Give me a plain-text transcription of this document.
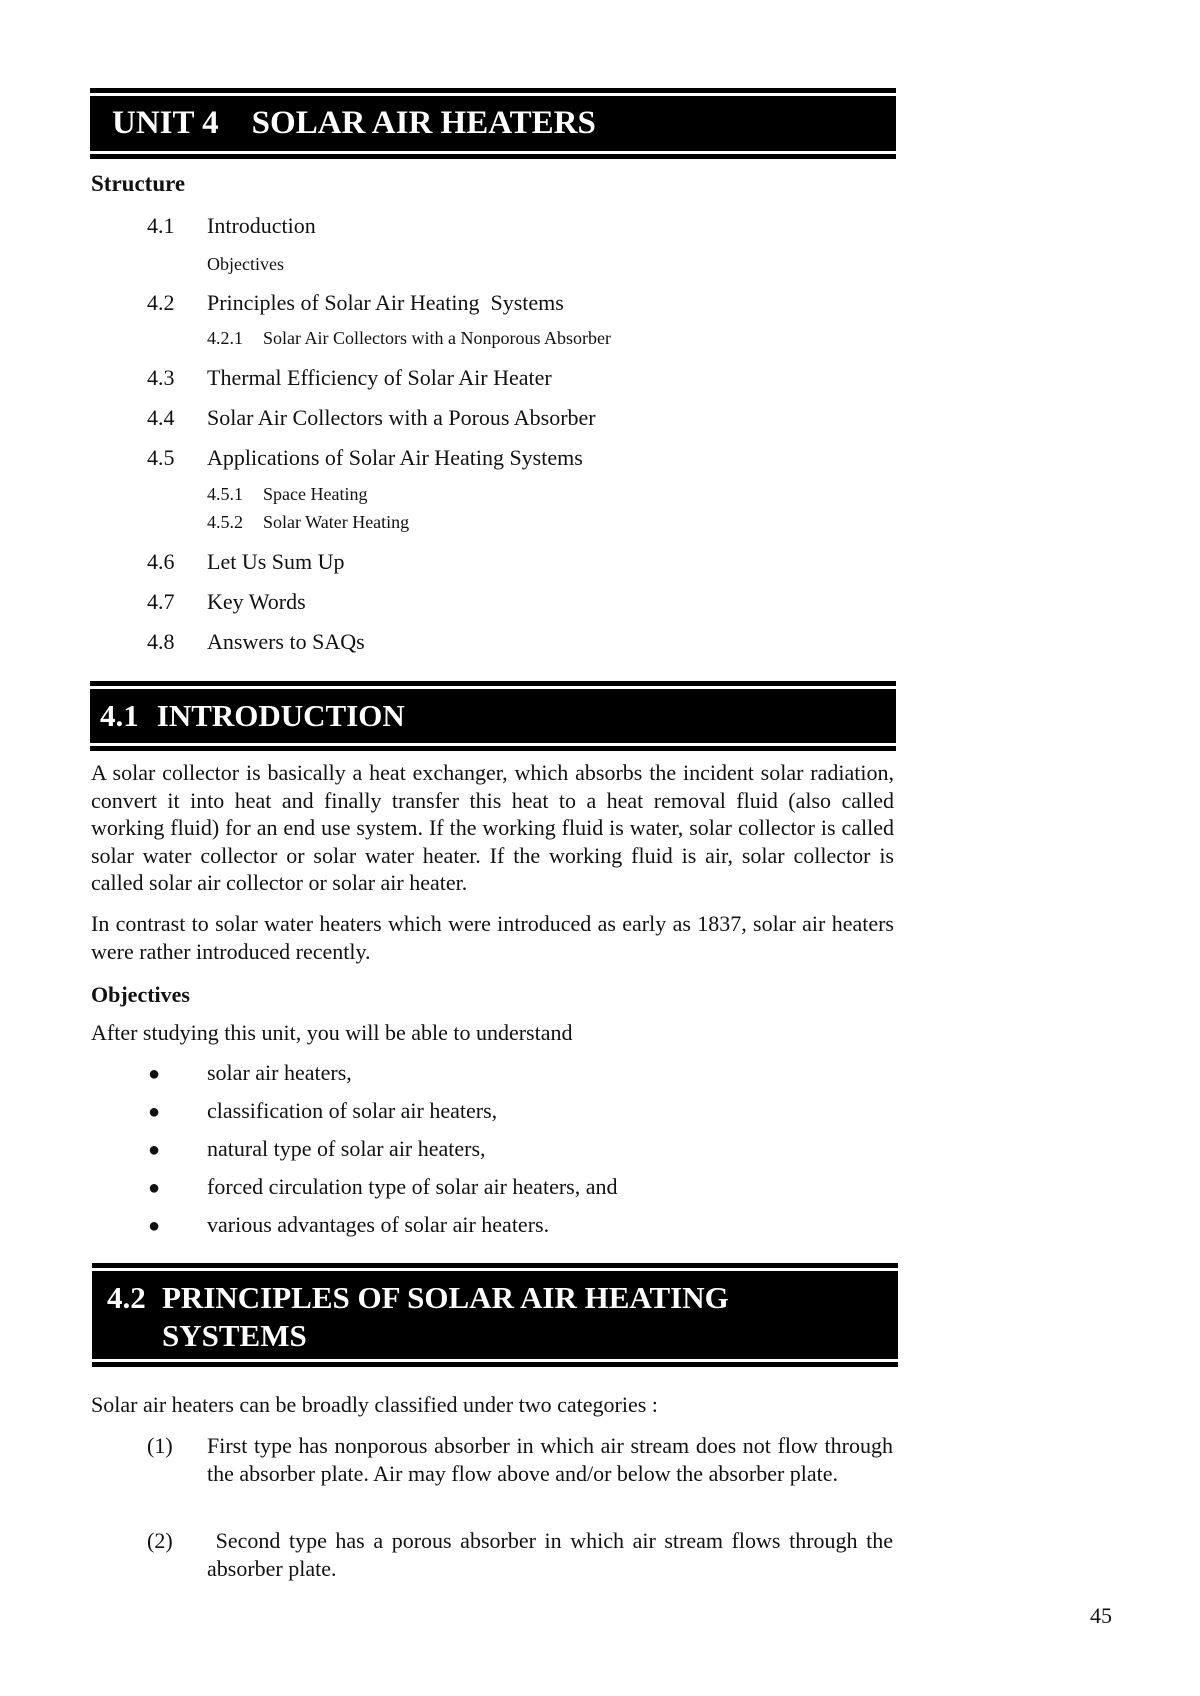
UNIT 4 SOLAR AIR HEATERS
Structure
4.1 Introduction
Objectives
4.2 Principles of Solar Air Heating  Systems
4.2.1 Solar Air Collectors with a Nonporous Absorber
4.3 Thermal Efficiency of Solar Air Heater
4.4 Solar Air Collectors with a Porous Absorber
4.5 Applications of Solar Air Heating Systems
4.5.1 Space Heating
4.5.2 Solar Water Heating
4.6 Let Us Sum Up
4.7 Key Words
4.8 Answers to SAQs
4.1 INTRODUCTION

A solar collector is basically a heat exchanger, which absorbs the incident solar radiation, convert it into heat and finally transfer this heat to a heat removal fluid (also called working fluid) for an end use system. If the working fluid is water, solar collector is called solar water collector or solar water heater. If the working fluid is air, solar collector is called solar air collector or solar air heater.

In contrast to solar water heaters which were introduced as early as 1837, solar air heaters were rather introduced recently.

Objectives
After studying this unit, you will be able to understand
● solar air heaters,
● classification of solar air heaters,
● natural type of solar air heaters,
● forced circulation type of solar air heaters, and
● various advantages of solar air heaters.
4.2 PRINCIPLES OF SOLAR AIR HEATING
SYSTEMS
Solar air heaters can be broadly classified under two categories :
(1) First type has nonporous absorber in which air stream does not flow through the absorber plate. Air may flow above and/or below the absorber plate.
(2) Second type has a porous absorber in which air stream flows through the absorber plate.
45
